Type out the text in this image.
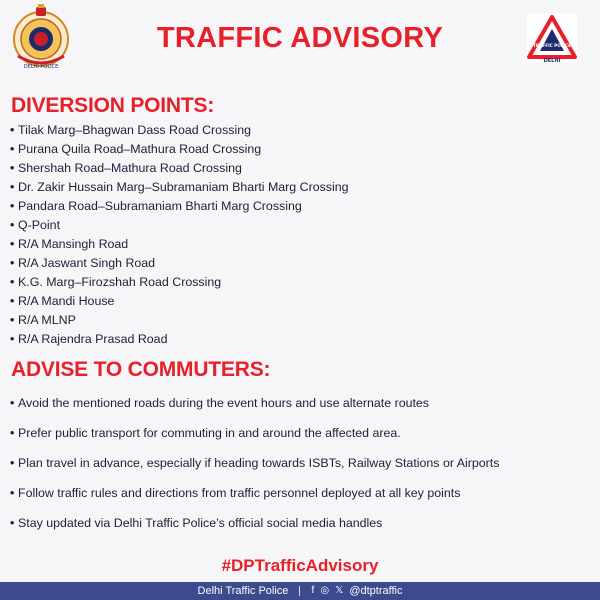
DELHI POLICE
TRAFFIC ADVISORY	TRAFFIC POLICE
DELHI
DIVERSION POINTS:
• Tilak Marg–Bhagwan Dass Road Crossing
• Purana Quila Road–Mathura Road Crossing
• Shershah Road–Mathura Road Crossing
• Dr. Zakir Hussain Marg–Subramaniam Bharti Marg Crossing
• Pandara Road–Subramaniam Bharti Marg Crossing
• Q-Point
• R/A Mansingh Road
• R/A Jaswant Singh Road
• K.G. Marg–Firozshah Road Crossing
• R/A Mandi House
• R/A MLNP
• R/A Rajendra Prasad Road
ADVISE TO COMMUTERS:
• Avoid the mentioned roads during the event hours and use alternate routes
• Prefer public transport for commuting in and around the affected area.
• Plan travel in advance, especially if heading towards ISBTs, Railway Stations or Airports
• Follow traffic rules and directions from traffic personnel deployed at all key points
• Stay updated via Delhi Traffic Police’s official social media handles

#DPTrafficAdvisory

Delhi Traffic Police f ◎ 𝕏 @dtptraffic
